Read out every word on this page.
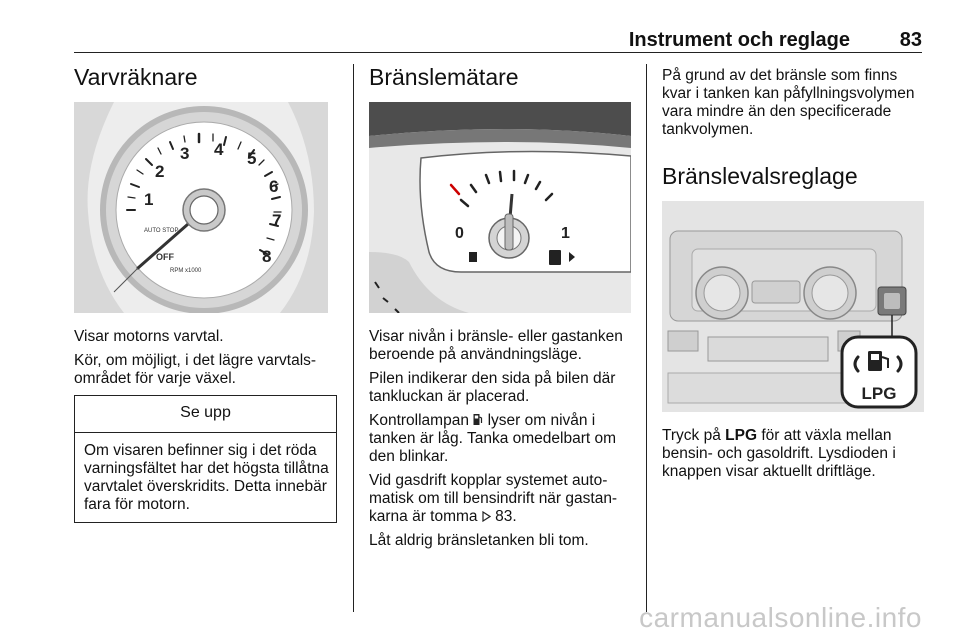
Instrument och reglage 83
Varvräknare
1
2
3 4 5
6
7
8
AUTO STOP
OFF
RPM x1000

Visar motorns varvtal.

Kör, om möjligt, i det lägre varvtals-området för varje växel.

Se upp
Om visaren befinner sig i det röda varningsfältet har det högsta tillåtna varvtalet överskridits. Detta innebär fara för motorn.
Bränslemätare
0	1

Visar nivån i bränsle- eller gastanken beroende på användningsläge.

Pilen indikerar den sida på bilen där tankluckan är placerad.

Kontrollampan lyser om nivån i tanken är låg. Tanka omedelbart om den blinkar.

Vid gasdrift kopplar systemet auto-matisk om till bensindrift när gastan-karna är tomma 83.

Låt aldrig bränsletanken bli tom.

På grund av det bränsle som finns kvar i tanken kan påfyllningsvolymen vara mindre än den specificerade tankvolymen.

Bränslevalsreglage
LPG

Tryck på LPG för att växla mellan bensin- och gasoldrift. Lysdioden i knappen visar aktuellt driftläge.

carmanualsonline.info
